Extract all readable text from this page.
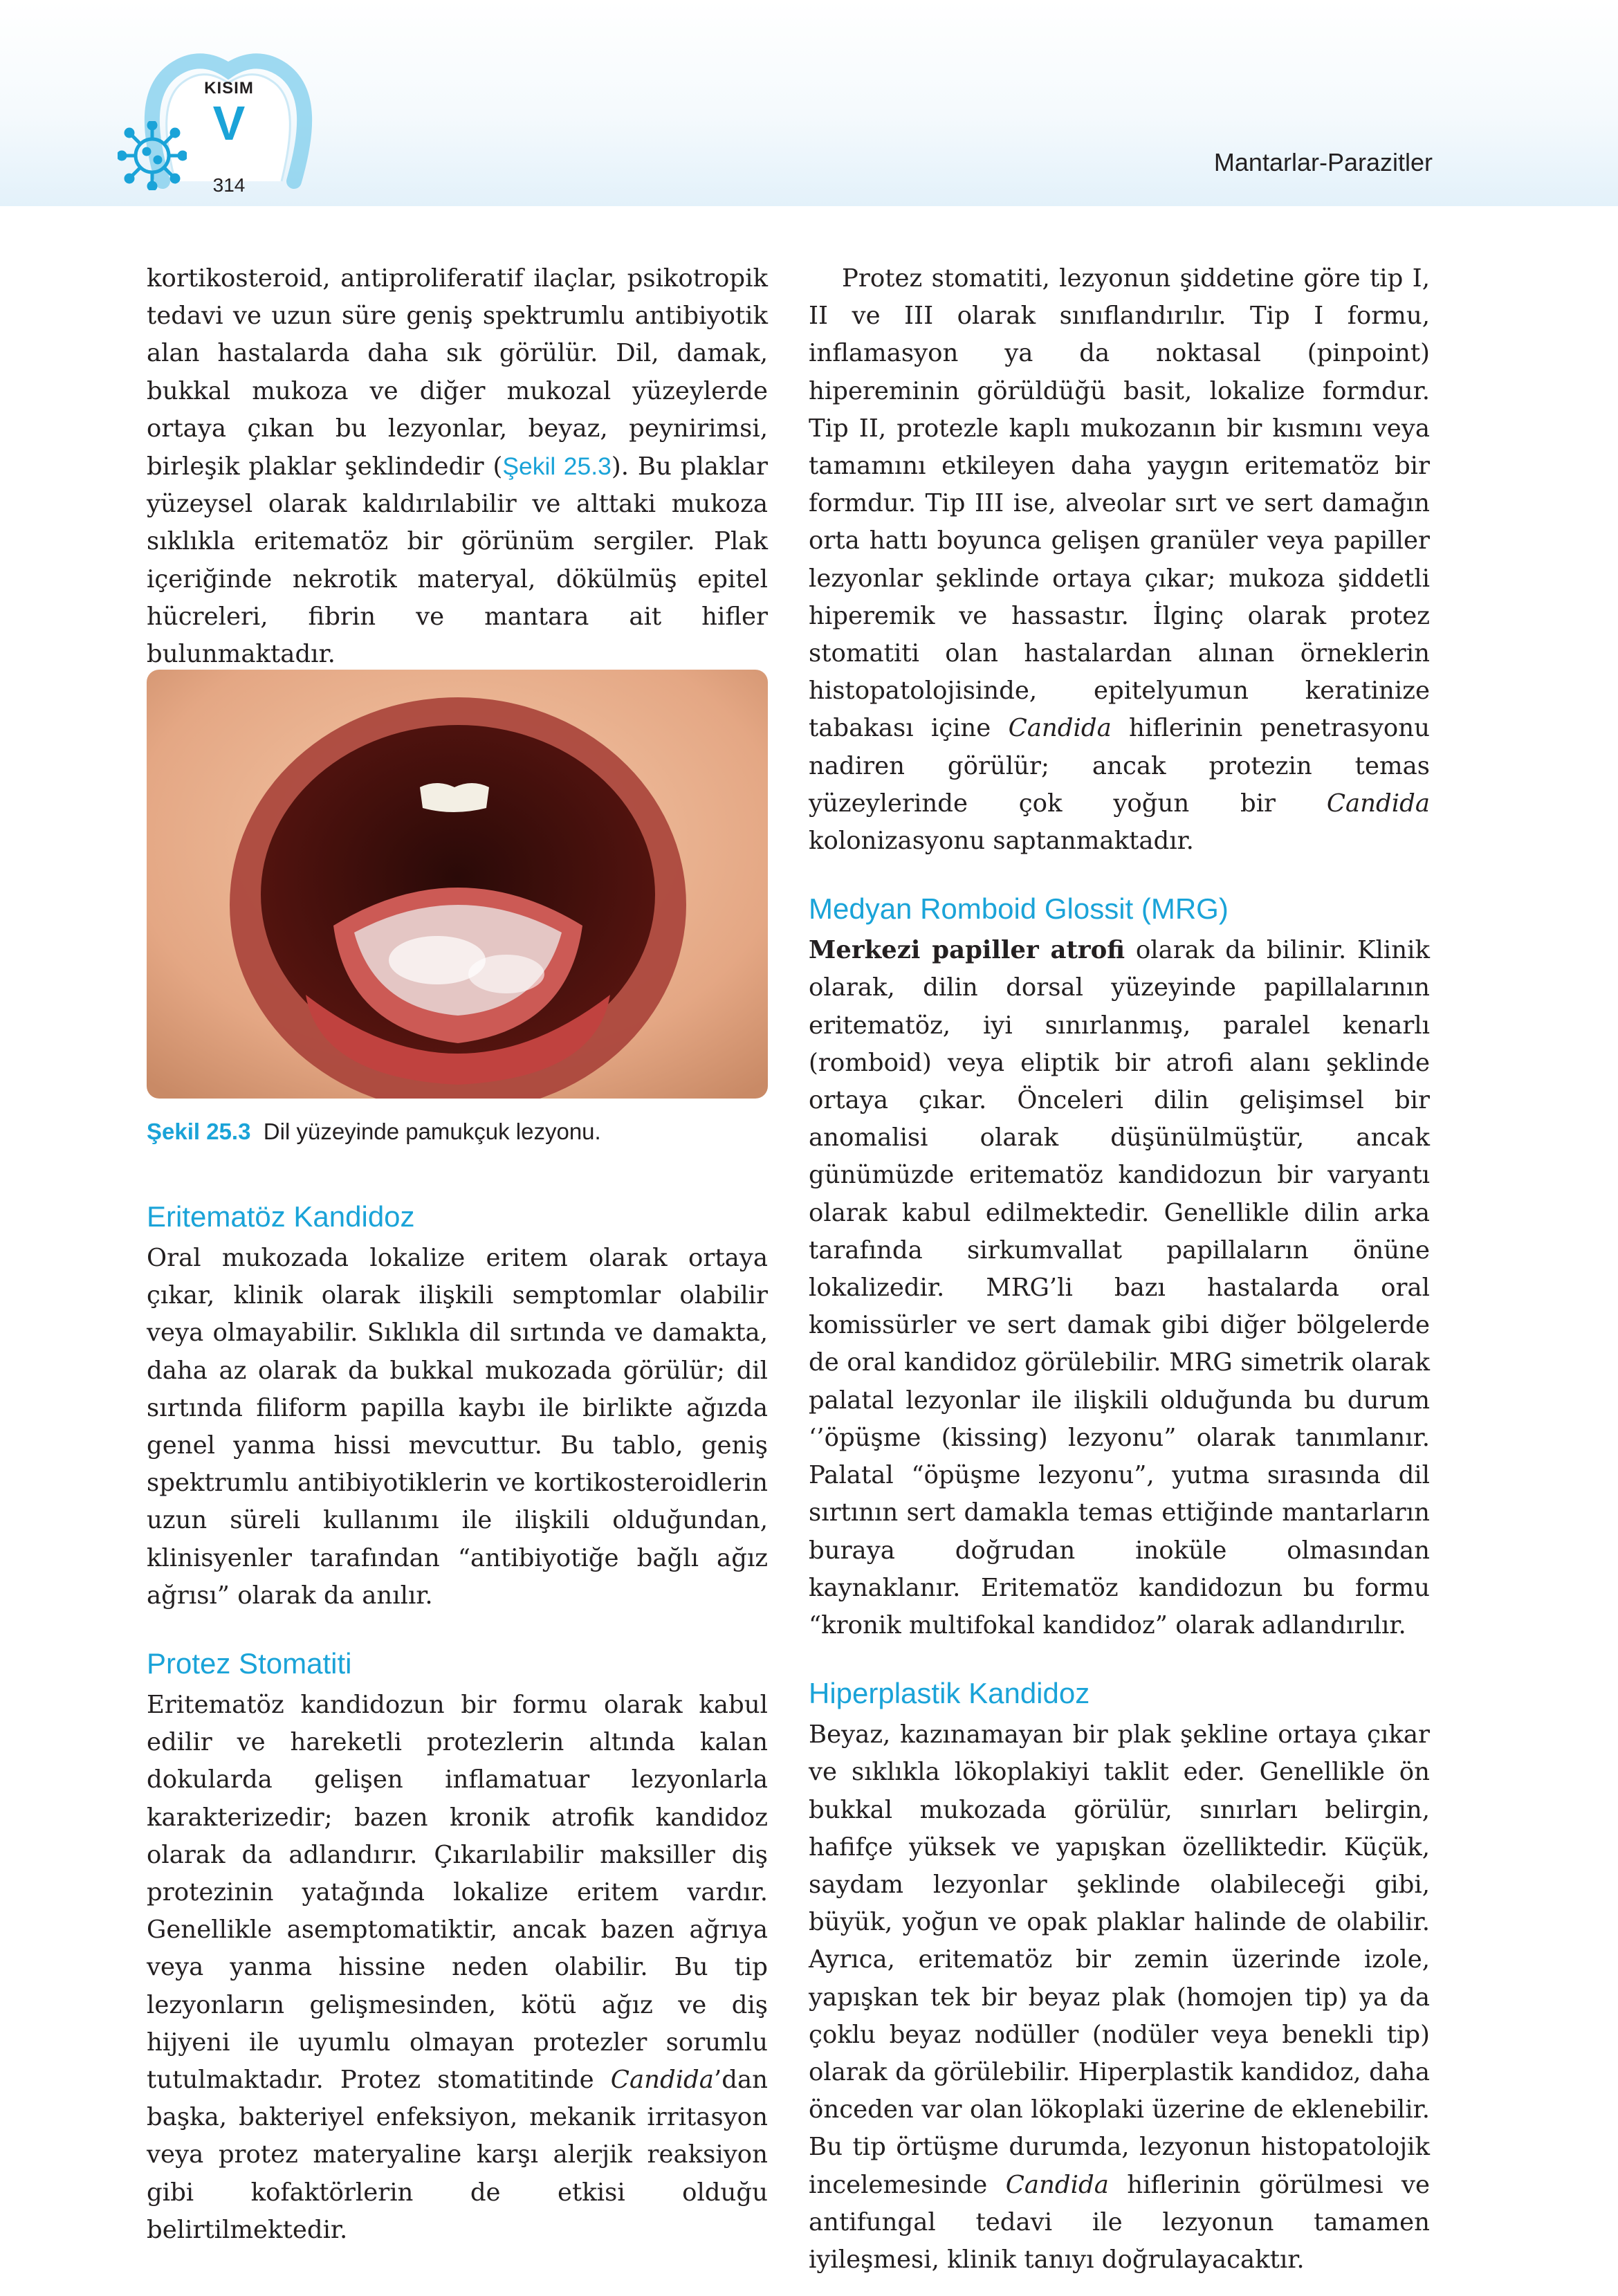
KISIM
V
314
Mantarlar-Parazitler

kortikosteroid, antiproliferatif ilaçlar, psikotropik tedavi ve uzun süre geniş spektrumlu antibiyotik alan hastalarda daha sık görülür. Dil, damak, bukkal mukoza ve diğer mukozal yüzeylerde ortaya çıkan bu lezyonlar, beyaz, peynirimsi, birleşik plaklar şeklindedir (Şekil 25.3). Bu plaklar yüzeysel olarak kaldırılabilir ve alttaki mukoza sıklıkla eritematöz bir görünüm sergiler. Plak içeriğinde nekrotik materyal, dökülmüş epitel hücreleri, fibrin ve mantara ait hifler bulunmaktadır.

Şekil 25.3 Dil yüzeyinde pamukçuk lezyonu.
Eritematöz Kandidoz

Oral mukozada lokalize eritem olarak ortaya çıkar, klinik olarak ilişkili semptomlar olabilir veya olmayabilir. Sıklıkla dil sırtında ve damakta, daha az olarak da bukkal mukozada görülür; dil sırtında filiform papilla kaybı ile birlikte ağızda genel yanma hissi mevcuttur. Bu tablo, geniş spektrumlu antibiyotiklerin ve kortikosteroidlerin uzun süreli kullanımı ile ilişkili olduğundan, klinisyenler tarafından “antibiyotiğe bağlı ağız ağrısı” olarak da anılır.

Protez Stomatiti

Eritematöz kandidozun bir formu olarak kabul edilir ve hareketli protezlerin altında kalan dokularda gelişen inflamatuar lezyonlarla karakterizedir; bazen kronik atrofik kandidoz olarak da adlandırır. Çıkarılabilir maksiller diş protezinin yatağında lokalize eritem vardır. Genellikle asemptomatiktir, ancak bazen ağrıya veya yanma hissine neden olabilir. Bu tip lezyonların gelişmesinden, kötü ağız ve diş hijyeni ile uyumlu olmayan protezler sorumlu tutulmaktadır. Protez stomatitinde Candida’dan başka, bakteriyel enfeksiyon, mekanik irritasyon veya protez materyaline karşı alerjik reaksiyon gibi kofaktörlerin de etkisi olduğu belirtilmektedir.

Protez stomatiti, lezyonun şiddetine göre tip I, II ve III olarak sınıflandırılır. Tip I formu, inflamasyon ya da noktasal (pinpoint) hipereminin görüldüğü basit, lokalize formdur. Tip II, protezle kaplı mukozanın bir kısmını veya tamamını etkileyen daha yaygın eritematöz bir formdur. Tip III ise, alveolar sırt ve sert damağın orta hattı boyunca gelişen granüler veya papiller lezyonlar şeklinde ortaya çıkar; mukoza şiddetli hiperemik ve hassastır. İlginç olarak protez stomatiti olan hastalardan alınan örneklerin histopatolojisinde, epitelyumun keratinize tabakası içine Candida hiflerinin penetrasyonu nadiren görülür; ancak protezin temas yüzeylerinde çok yoğun bir Candida kolonizasyonu saptanmaktadır.

Medyan Romboid Glossit (MRG)

Merkezi papiller atrofi olarak da bilinir. Klinik olarak, dilin dorsal yüzeyinde papillalarının eritematöz, iyi sınırlanmış, paralel kenarlı (romboid) veya eliptik bir atrofi alanı şeklinde ortaya çıkar. Önceleri dilin gelişimsel bir anomalisi olarak düşünülmüştür, ancak günümüzde eritematöz kandidozun bir varyantı olarak kabul edilmektedir. Genellikle dilin arka tarafında sirkumvallat papillaların önüne lokalizedir. MRG’li bazı hastalarda oral komissürler ve sert damak gibi diğer bölgelerde de oral kandidoz görülebilir. MRG simetrik olarak palatal lezyonlar ile ilişkili olduğunda bu durum ‘’öpüşme (kissing) lezyonu” olarak tanımlanır. Palatal “öpüşme lezyonu”, yutma sırasında dil sırtının sert damakla temas ettiğinde mantarların buraya doğrudan inoküle olmasından kaynaklanır. Eritematöz kandidozun bu formu “kronik multifokal kandidoz” olarak adlandırılır.

Hiperplastik Kandidoz

Beyaz, kazınamayan bir plak şekline ortaya çıkar ve sıklıkla lökoplakiyi taklit eder. Genellikle ön bukkal mukozada görülür, sınırları belirgin, hafifçe yüksek ve yapışkan özelliktedir. Küçük, saydam lezyonlar şeklinde olabileceği gibi, büyük, yoğun ve opak plaklar halinde de olabilir. Ayrıca, eritematöz bir zemin üzerinde izole, yapışkan tek bir beyaz plak (homojen tip) ya da çoklu beyaz nodüller (nodüler veya benekli tip) olarak da görülebilir. Hiperplastik kandidoz, daha önceden var olan lökoplaki üzerine de eklenebilir. Bu tip örtüşme durumda, lezyonun histopatolojik incelemesinde Candida hiflerinin görülmesi ve antifungal tedavi ile lezyonun tamamen iyileşmesi, klinik tanıyı doğrulayacaktır.
